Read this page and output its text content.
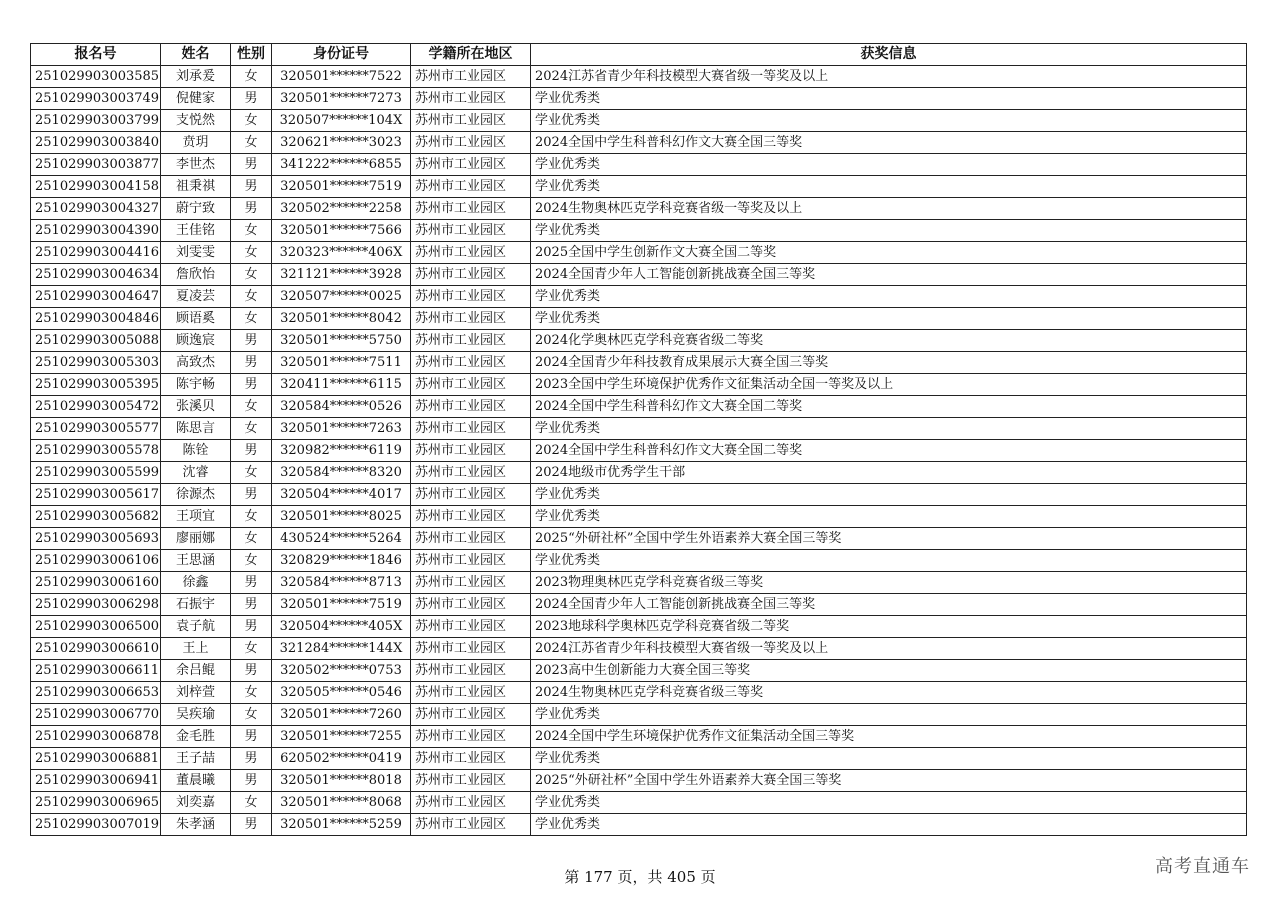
报名号	姓名	性别	身份证号	学籍所在地区	获奖信息
251029903003585	刘承爰	女	320501******7522	苏州市工业园区	2024江苏省青少年科技模型大赛省级一等奖及以上
251029903003749	倪健家	男	320501******7273	苏州市工业园区	学业优秀类
251029903003799	支悦然	女	320507******104X	苏州市工业园区	学业优秀类
251029903003840	贲玥	女	320621******3023	苏州市工业园区	2024全国中学生科普科幻作文大赛全国三等奖
251029903003877	李世杰	男	341222******6855	苏州市工业园区	学业优秀类
251029903004158	祖秉祺	男	320501******7519	苏州市工业园区	学业优秀类
251029903004327	蔚宁致	男	320502******2258	苏州市工业园区	2024生物奥林匹克学科竞赛省级一等奖及以上
251029903004390	王佳铭	女	320501******7566	苏州市工业园区	学业优秀类
251029903004416	刘雯雯	女	320323******406X	苏州市工业园区	2025全国中学生创新作文大赛全国二等奖
251029903004634	詹欣怡	女	321121******3928	苏州市工业园区	2024全国青少年人工智能创新挑战赛全国三等奖
251029903004647	夏凌芸	女	320507******0025	苏州市工业园区	学业优秀类
251029903004846	顾语奚	女	320501******8042	苏州市工业园区	学业优秀类
251029903005088	顾逸宸	男	320501******5750	苏州市工业园区	2024化学奥林匹克学科竞赛省级二等奖
251029903005303	高致杰	男	320501******7511	苏州市工业园区	2024全国青少年科技教育成果展示大赛全国三等奖
251029903005395	陈宇畅	男	320411******6115	苏州市工业园区	2023全国中学生环境保护优秀作文征集活动全国一等奖及以上
251029903005472	张溪贝	女	320584******0526	苏州市工业园区	2024全国中学生科普科幻作文大赛全国二等奖
251029903005577	陈思言	女	320501******7263	苏州市工业园区	学业优秀类
251029903005578	陈铨	男	320982******6119	苏州市工业园区	2024全国中学生科普科幻作文大赛全国二等奖
251029903005599	沈睿	女	320584******8320	苏州市工业园区	2024地级市优秀学生干部
251029903005617	徐源杰	男	320504******4017	苏州市工业园区	学业优秀类
251029903005682	王项宜	女	320501******8025	苏州市工业园区	学业优秀类
251029903005693	廖丽娜	女	430524******5264	苏州市工业园区	2025“外研社杯”全国中学生外语素养大赛全国三等奖
251029903006106	王思涵	女	320829******1846	苏州市工业园区	学业优秀类
251029903006160	徐鑫	男	320584******8713	苏州市工业园区	2023物理奥林匹克学科竞赛省级三等奖
251029903006298	石振宇	男	320501******7519	苏州市工业园区	2024全国青少年人工智能创新挑战赛全国三等奖
251029903006500	袁子航	男	320504******405X	苏州市工业园区	2023地球科学奥林匹克学科竞赛省级二等奖
251029903006610	王上	女	321284******144X	苏州市工业园区	2024江苏省青少年科技模型大赛省级一等奖及以上
251029903006611	余吕鲲	男	320502******0753	苏州市工业园区	2023高中生创新能力大赛全国三等奖
251029903006653	刘梓萱	女	320505******0546	苏州市工业园区	2024生物奥林匹克学科竞赛省级三等奖
251029903006770	吴疾瑜	女	320501******7260	苏州市工业园区	学业优秀类
251029903006878	金毛胜	男	320501******7255	苏州市工业园区	2024全国中学生环境保护优秀作文征集活动全国三等奖
251029903006881	王子喆	男	620502******0419	苏州市工业园区	学业优秀类
251029903006941	董晨曦	男	320501******8018	苏州市工业园区	2025“外研社杯”全国中学生外语素养大赛全国三等奖
251029903006965	刘奕嘉	女	320501******8068	苏州市工业园区	学业优秀类
251029903007019	朱孝涵	男	320501******5259	苏州市工业园区	学业优秀类
第 177 页，共 405 页	高考直通车
